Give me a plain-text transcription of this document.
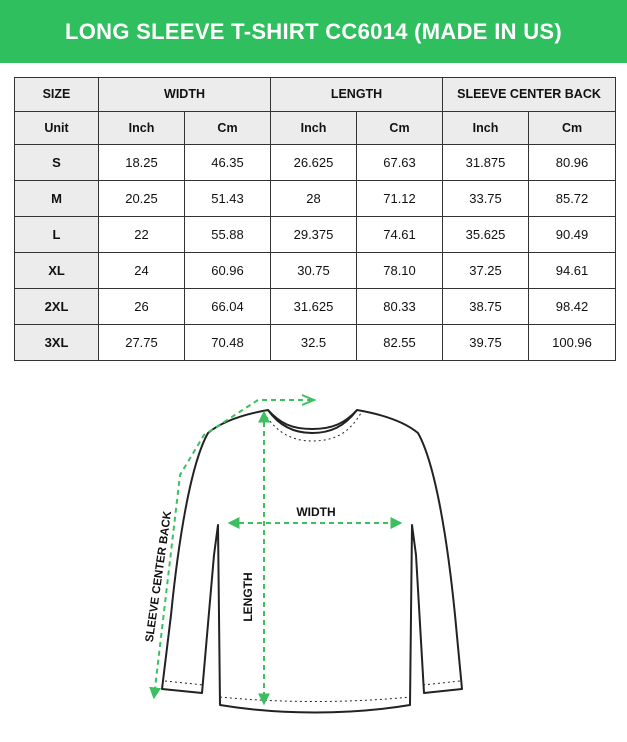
LONG SLEEVE T-SHIRT CC6014 (MADE IN US)
SIZE	WIDTH		LENGTH		SLEEVE CENTER BACK	
Unit	Inch	Cm	Inch	Cm	Inch	Cm
S	18.25	46.35	26.625	67.63	31.875	80.96
M	20.25	51.43	28	71.12	33.75	85.72
L	22	55.88	29.375	74.61	35.625	90.49
XL	24	60.96	30.75	78.10	37.25	94.61
2XL	26	66.04	31.625	80.33	38.75	98.42
3XL	27.75	70.48	32.5	82.55	39.75	100.96
WIDTH
LENGTH
SLEEVE CENTER BACK
